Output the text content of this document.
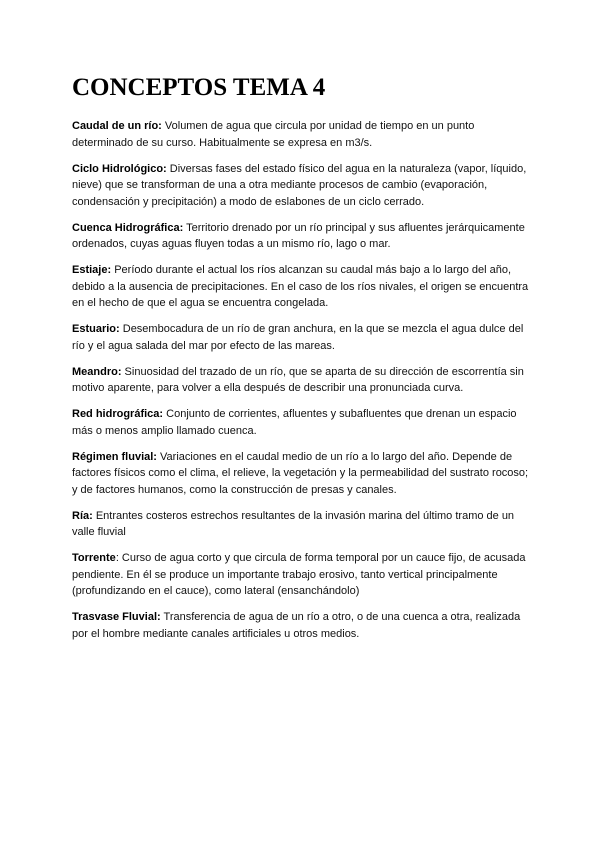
CONCEPTOS TEMA 4

Caudal de un río: Volumen de agua que circula por unidad de tiempo en un punto determinado de su curso. Habitualmente se expresa en m3/s.

Ciclo Hidrológico: Diversas fases del estado físico del agua en la naturaleza (vapor, líquido, nieve) que se transforman de una a otra mediante procesos de cambio (evaporación, condensación y precipitación) a modo de eslabones de un ciclo cerrado.

Cuenca Hidrográfica: Territorio drenado por un río principal y sus afluentes jerárquicamente ordenados, cuyas aguas fluyen todas a un mismo río, lago o mar.

Estiaje: Período durante el actual los ríos alcanzan su caudal más bajo a lo largo del año, debido a la ausencia de precipitaciones. En el caso de los ríos nivales, el origen se encuentra en el hecho de que el agua se encuentra congelada.

Estuario: Desembocadura de un río de gran anchura, en la que se mezcla el agua dulce del río y el agua salada del mar por efecto de las mareas.

Meandro: Sinuosidad del trazado de un río, que se aparta de su dirección de escorrentía sin motivo aparente, para volver a ella después de describir una pronunciada curva.

Red hidrográfica: Conjunto de corrientes, afluentes y subafluentes que drenan un espacio más o menos amplio llamado cuenca.

Régimen fluvial: Variaciones en el caudal medio de un río a lo largo del año. Depende de factores físicos como el clima, el relieve, la vegetación y la permeabilidad del sustrato rocoso; y de factores humanos, como la construcción de presas y canales.

Ría: Entrantes costeros estrechos resultantes de la invasión marina del último tramo de un valle fluvial

Torrente: Curso de agua corto y que circula de forma temporal por un cauce fijo, de acusada pendiente. En él se produce un importante trabajo erosivo, tanto vertical principalmente (profundizando en el cauce), como lateral (ensanchándolo)

Trasvase Fluvial: Transferencia de agua de un río a otro, o de una cuenca a otra, realizada por el hombre mediante canales artificiales u otros medios.
